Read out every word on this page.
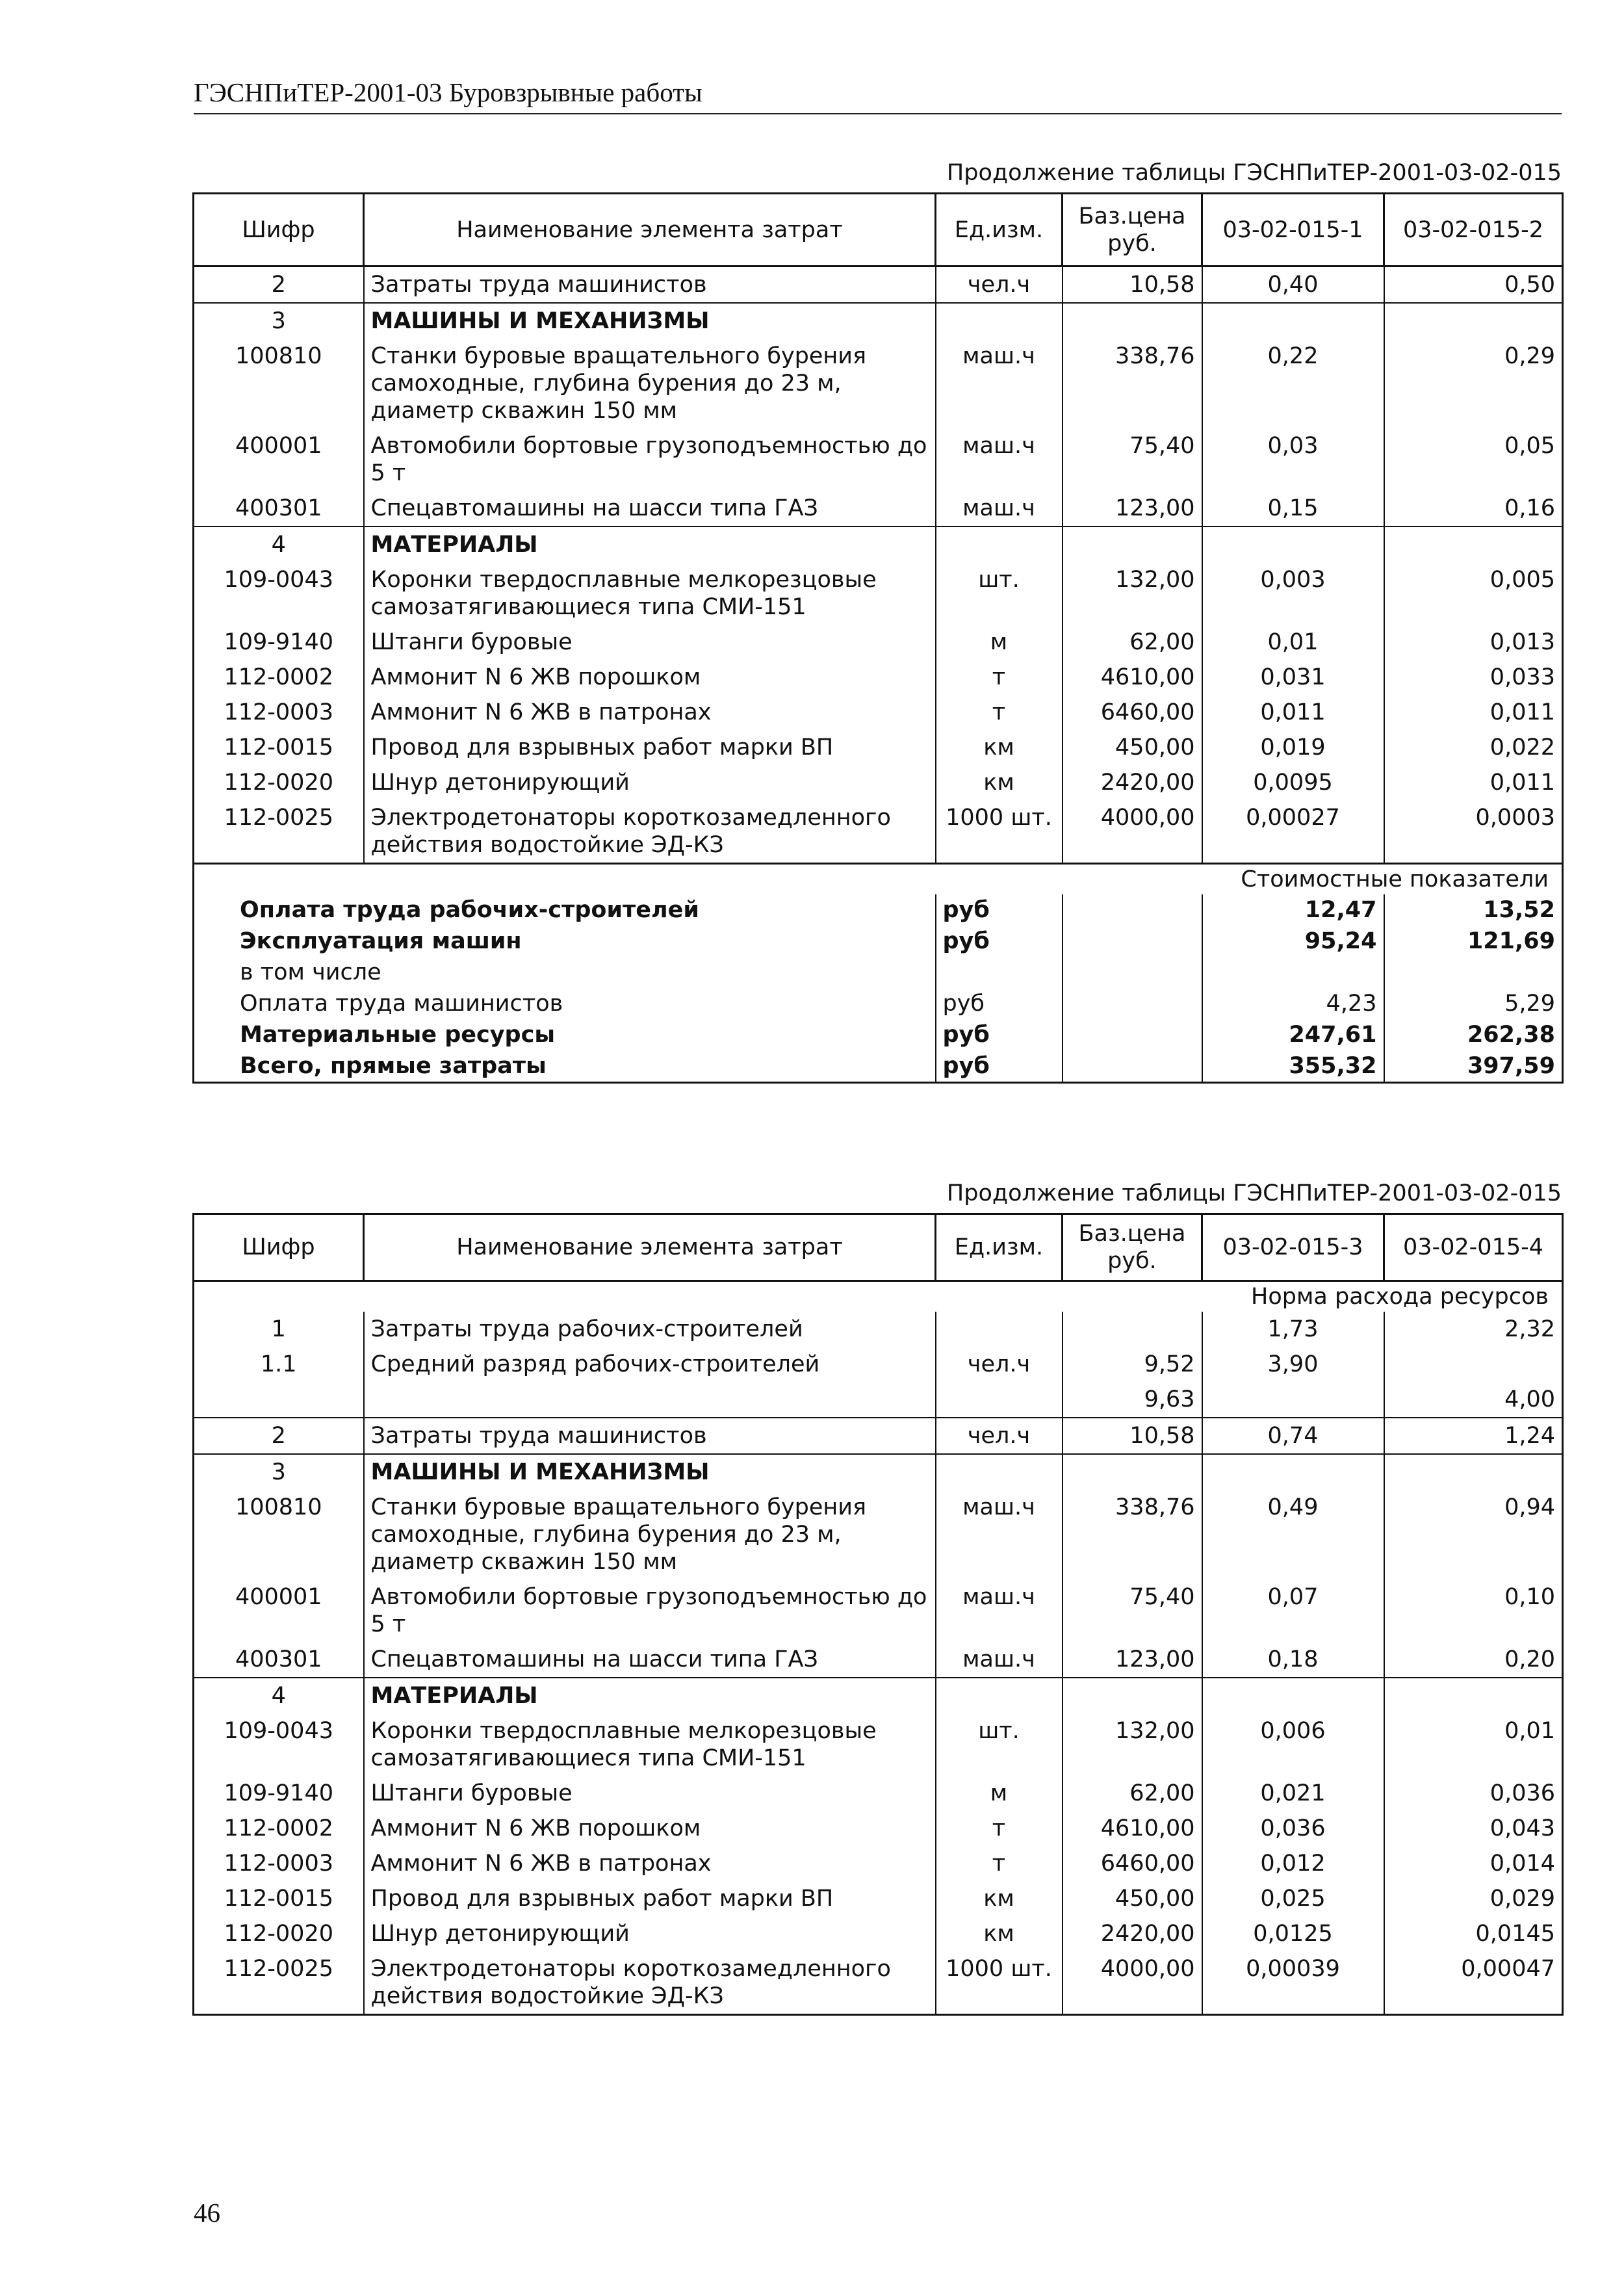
ГЭСНПиТЕР-2001-03 Буровзрывные работы
Продолжение таблицы ГЭСНПиТЕР-2001-03-02-015
Шифр	Наименование элемента затрат	Ед.изм.	Баз.цена руб.	03-02-015-1	03-02-015-2
2	Затраты труда машинистов	чел.ч	10,58	0,40	0,50
3	МАШИНЫ И МЕХАНИЗМЫ				
100810	Станки буровые вращательного бурения самоходные, глубина бурения до 23 м, диаметр скважин 150 мм	маш.ч	338,76	0,22	0,29
400001	Автомобили бортовые грузоподъемностью до 5 т	маш.ч	75,40	0,03	0,05
400301	Спецавтомашины на шасси типа ГАЗ	маш.ч	123,00	0,15	0,16
4	МАТЕРИАЛЫ				
109-0043	Коронки твердосплавные мелкорезцовые самозатягивающиеся типа СМИ-151	шт.	132,00	0,003	0,005
109-9140	Штанги буровые	м	62,00	0,01	0,013
112-0002	Аммонит N 6 ЖВ порошком	т	4610,00	0,031	0,033
112-0003	Аммонит N 6 ЖВ в патронах	т	6460,00	0,011	0,011
112-0015	Провод для взрывных работ марки ВП	км	450,00	0,019	0,022
112-0020	Шнур детонирующий	км	2420,00	0,0095	0,011
112-0025	Электродетонаторы короткозамедленного действия водостойкие ЭД-КЗ	1000 шт.	4000,00	0,00027	0,0003
Стоимостные показатели					
Оплата труда рабочих-строителей		руб		12,47	13,52
Эксплуатация машин		руб		95,24	121,69
в том числе					
Оплата труда машинистов		руб		4,23	5,29
Материальные ресурсы		руб		247,61	262,38
Всего, прямые затраты		руб		355,32	397,59
Продолжение таблицы ГЭСНПиТЕР-2001-03-02-015
Шифр	Наименование элемента затрат	Ед.изм.	Баз.цена руб.	03-02-015-3	03-02-015-4
Норма расхода ресурсов					
1	Затраты труда рабочих-строителей			1,73	2,32
1.1	Средний разряд рабочих-строителей	чел.ч	9,52	3,90	
			9,63		4,00
2	Затраты труда машинистов	чел.ч	10,58	0,74	1,24
3	МАШИНЫ И МЕХАНИЗМЫ				
100810	Станки буровые вращательного бурения самоходные, глубина бурения до 23 м, диаметр скважин 150 мм	маш.ч	338,76	0,49	0,94
400001	Автомобили бортовые грузоподъемностью до 5 т	маш.ч	75,40	0,07	0,10
400301	Спецавтомашины на шасси типа ГАЗ	маш.ч	123,00	0,18	0,20
4	МАТЕРИАЛЫ				
109-0043	Коронки твердосплавные мелкорезцовые самозатягивающиеся типа СМИ-151	шт.	132,00	0,006	0,01
109-9140	Штанги буровые	м	62,00	0,021	0,036
112-0002	Аммонит N 6 ЖВ порошком	т	4610,00	0,036	0,043
112-0003	Аммонит N 6 ЖВ в патронах	т	6460,00	0,012	0,014
112-0015	Провод для взрывных работ марки ВП	км	450,00	0,025	0,029
112-0020	Шнур детонирующий	км	2420,00	0,0125	0,0145
112-0025	Электродетонаторы короткозамедленного действия водостойкие ЭД-КЗ	1000 шт.	4000,00	0,00039	0,00047
46
